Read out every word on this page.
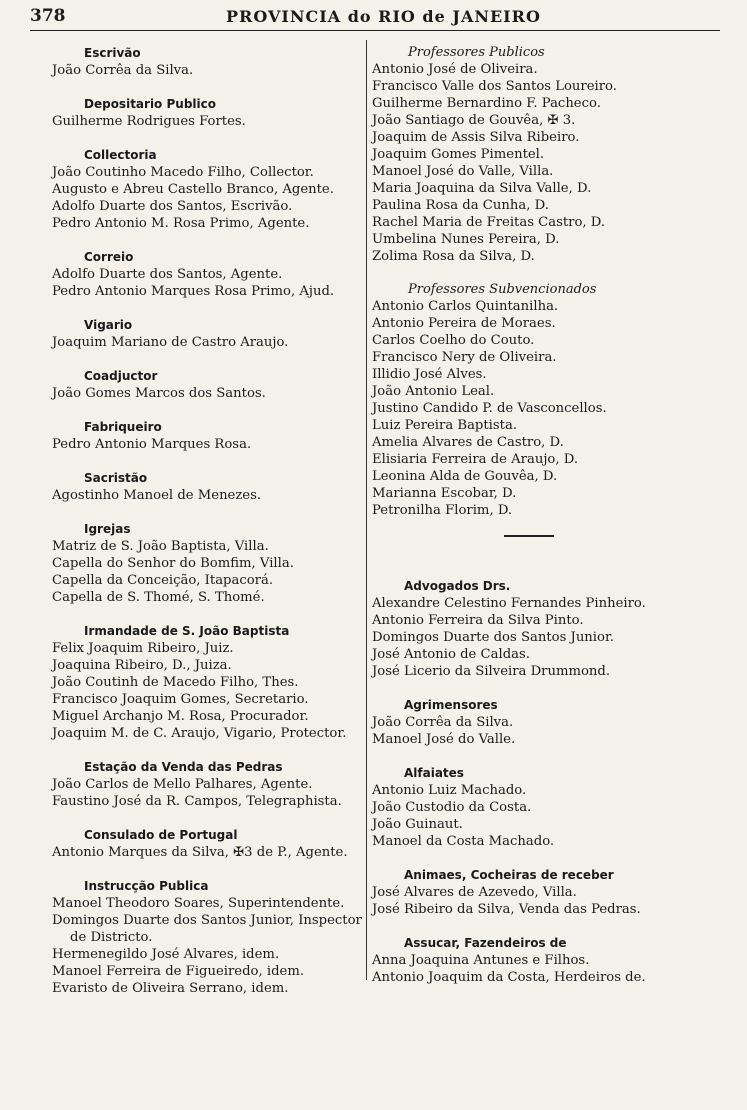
378	PROVINCIA do RIO de JANEIRO
Escrivão
João Corrêa da Silva.
Depositario Publico
Guilherme Rodrigues Fortes.
Collectoria
João Coutinho Macedo Filho, Collector.
Augusto e Abreu Castello Branco, Agente.
Adolfo Duarte dos Santos, Escrivão.
Pedro Antonio M. Rosa Primo, Agente.
Correio
Adolfo Duarte dos Santos, Agente.
Pedro Antonio Marques Rosa Primo, Ajud.
Vigario
Joaquim Mariano de Castro Araujo.
Coadjuctor
João Gomes Marcos dos Santos.
Fabriqueiro
Pedro Antonio Marques Rosa.
Sacristão
Agostinho Manoel de Menezes.
Igrejas
Matriz de S. João Baptista, Villa.
Capella do Senhor do Bomfim, Villa.
Capella da Conceição, Itapacorá.
Capella de S. Thomé, S. Thomé.
Irmandade de S. João Baptista
Felix Joaquim Ribeiro, Juiz.
Joaquina Ribeiro, D., Juiza.
João Coutinh de Macedo Filho, Thes.
Francisco Joaquim Gomes, Secretario.
Miguel Archanjo M. Rosa, Procurador.
Joaquim M. de C. Araujo, Vigario, Protector.
Estação da Venda das Pedras
João Carlos de Mello Palhares, Agente.
Faustino José da R. Campos, Telegraphista.
Consulado de Portugal
Antonio Marques da Silva, ✠3 de P., Agente.
Instrucção Publica
Manoel Theodoro Soares, Superintendente.
Domingos Duarte dos Santos Junior, Inspector de Districto.
Hermenegildo José Alvares, idem.
Manoel Ferreira de Figueiredo, idem.
Evaristo de Oliveira Serrano, idem.
Professores Publicos
Antonio José de Oliveira.
Francisco Valle dos Santos Loureiro.
Guilherme Bernardino F. Pacheco.
João Santiago de Gouvêa, ✠ 3.
Joaquim de Assis Silva Ribeiro.
Joaquim Gomes Pimentel.
Manoel José do Valle, Villa.
Maria Joaquina da Silva Valle, D.
Paulina Rosa da Cunha, D.
Rachel Maria de Freitas Castro, D.
Umbelina Nunes Pereira, D.
Zolima Rosa da Silva, D.
Professores Subvencionados
Antonio Carlos Quintanilha.
Antonio Pereira de Moraes.
Carlos Coelho do Couto.
Francisco Nery de Oliveira.
Illidio José Alves.
João Antonio Leal.
Justino Candido P. de Vasconcellos.
Luiz Pereira Baptista.
Amelia Alvares de Castro, D.
Elisiaria Ferreira de Araujo, D.
Leonina Alda de Gouvêa, D.
Marianna Escobar, D.
Petronilha Florim, D.
Advogados Drs.
Alexandre Celestino Fernandes Pinheiro.
Antonio Ferreira da Silva Pinto.
Domingos Duarte dos Santos Junior.
José Antonio de Caldas.
José Licerio da Silveira Drummond.
Agrimensores
João Corrêa da Silva.
Manoel José do Valle.
Alfaiates
Antonio Luiz Machado.
João Custodio da Costa.
João Guinaut.
Manoel da Costa Machado.
Animaes, Cocheiras de receber
José Alvares de Azevedo, Villa.
José Ribeiro da Silva, Venda das Pedras.
Assucar, Fazendeiros de
Anna Joaquina Antunes e Filhos.
Antonio Joaquim da Costa, Herdeiros de.
